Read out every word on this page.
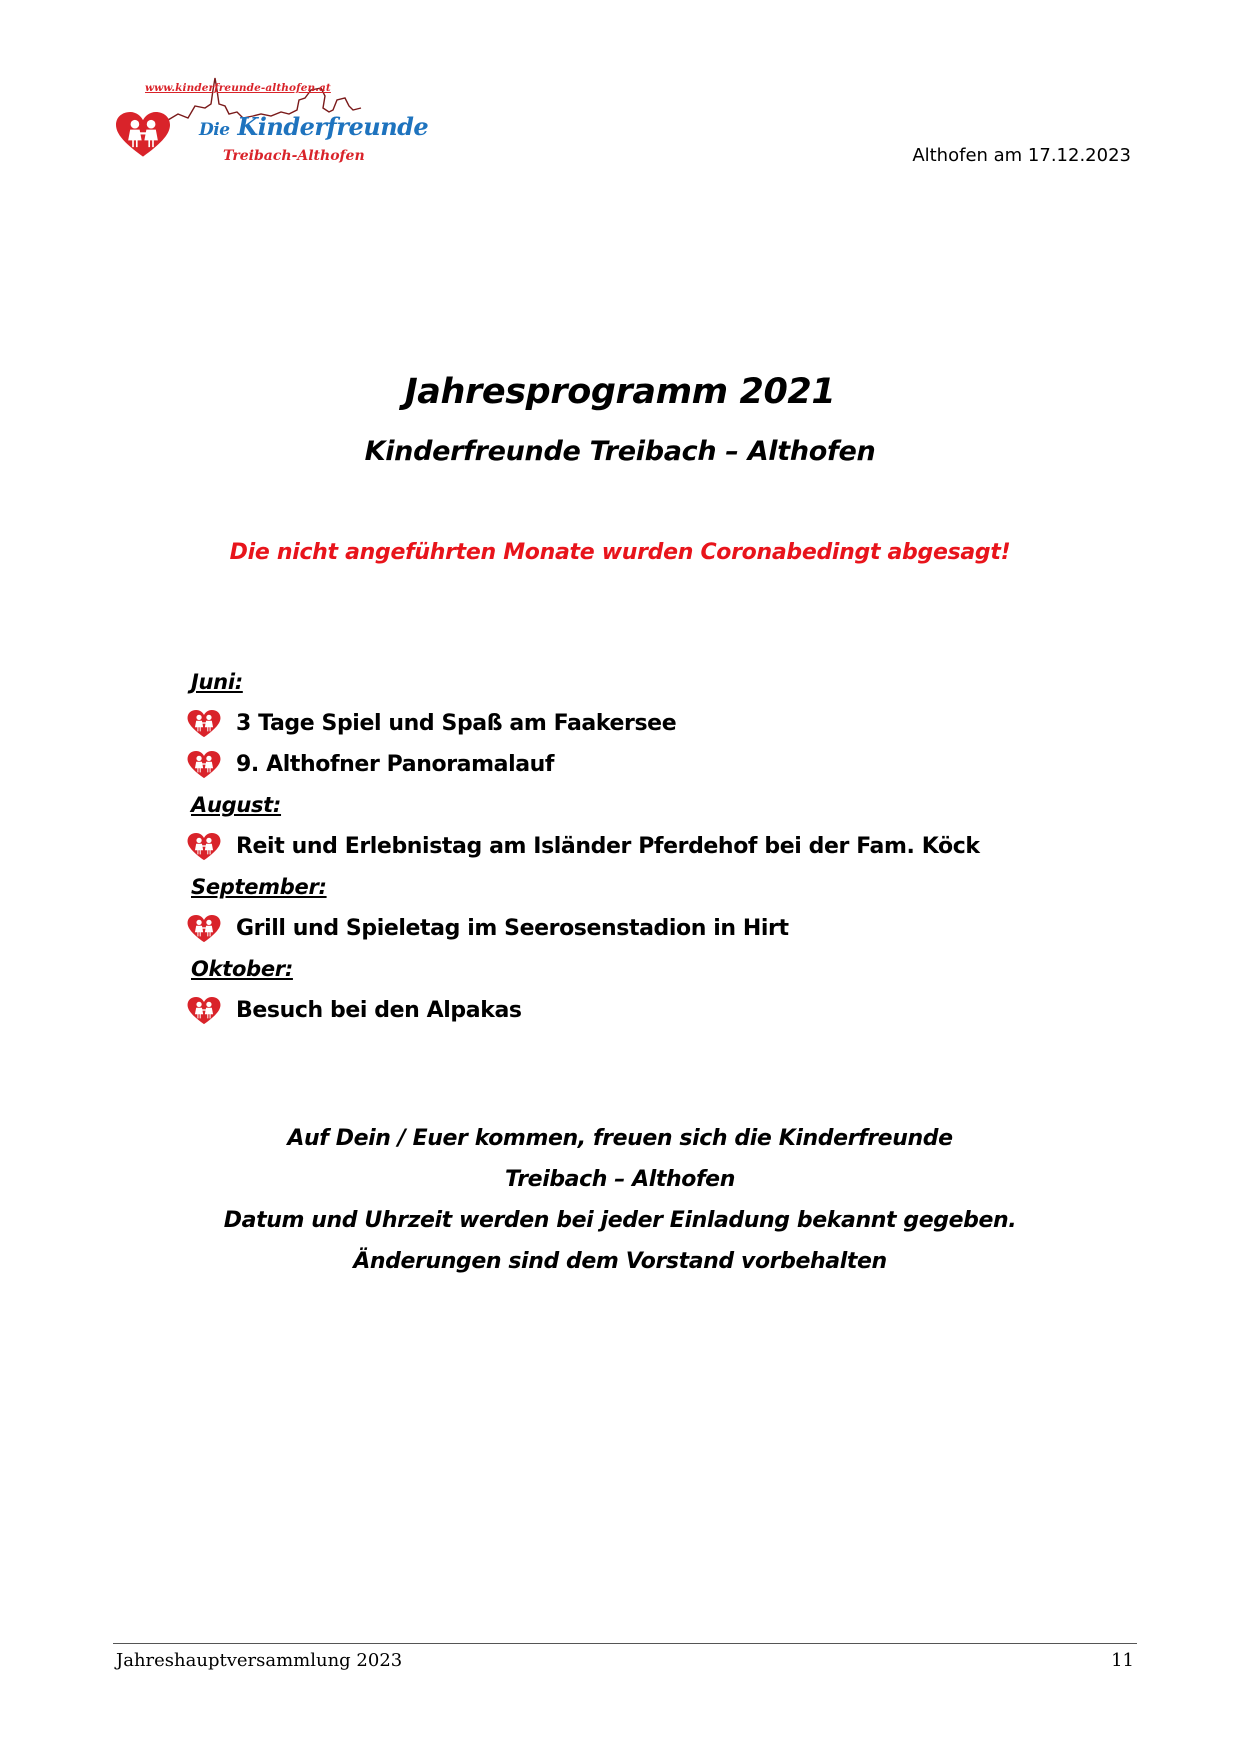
www.kinderfreunde-althofen.at
Die Kinderfreunde
Treibach-Althofen	Althofen am 17.12.2023
Jahresprogramm 2021
Kinderfreunde Treibach – Althofen
Die nicht angeführten Monate wurden Coronabedingt abgesagt!
Juni:
3 Tage Spiel und Spaß am Faakersee
9. Althofner Panoramalauf
August:
Reit und Erlebnistag am Isländer Pferdehof bei der Fam. Köck
September:
Grill und Spieletag im Seerosenstadion in Hirt
Oktober:
Besuch bei den Alpakas
Auf Dein / Euer kommen, freuen sich die Kinderfreunde
Treibach – Althofen
Datum und Uhrzeit werden bei jeder Einladung bekannt gegeben.
Änderungen sind dem Vorstand vorbehalten
Jahreshauptversammlung 2023	11
